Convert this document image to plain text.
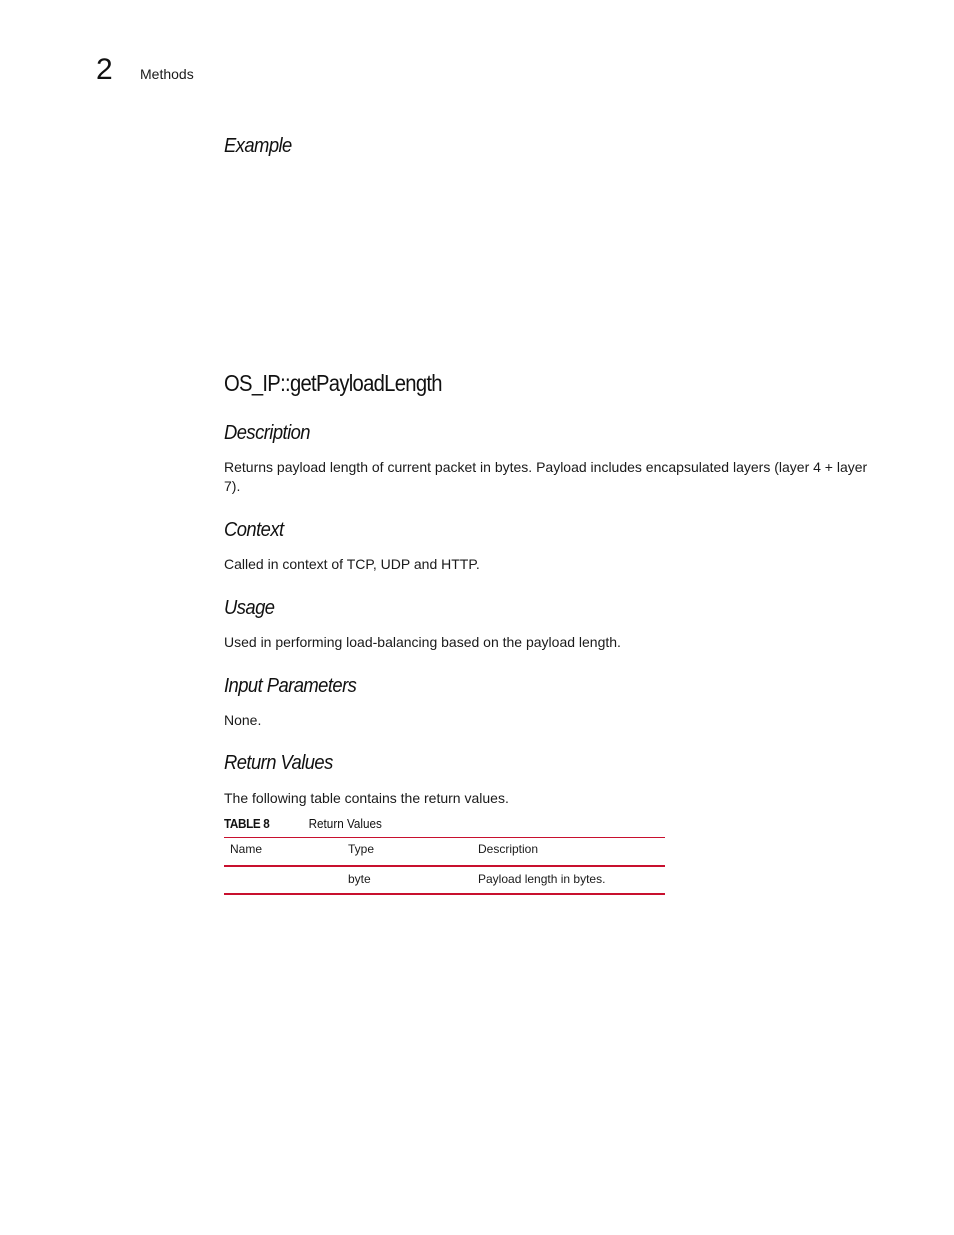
2 Methods
Example
OS_IP::getPayloadLength
Description
Returns payload length of current packet in bytes. Payload includes encapsulated layers (layer 4 + layer 7).
Context
Called in context of TCP, UDP and HTTP.
Usage
Used in performing load-balancing based on the payload length.
Input Parameters
None.
Return Values
The following table contains the return values.
TABLE 8	Return Values
Name	Type	Description
	byte	Payload length in bytes.
